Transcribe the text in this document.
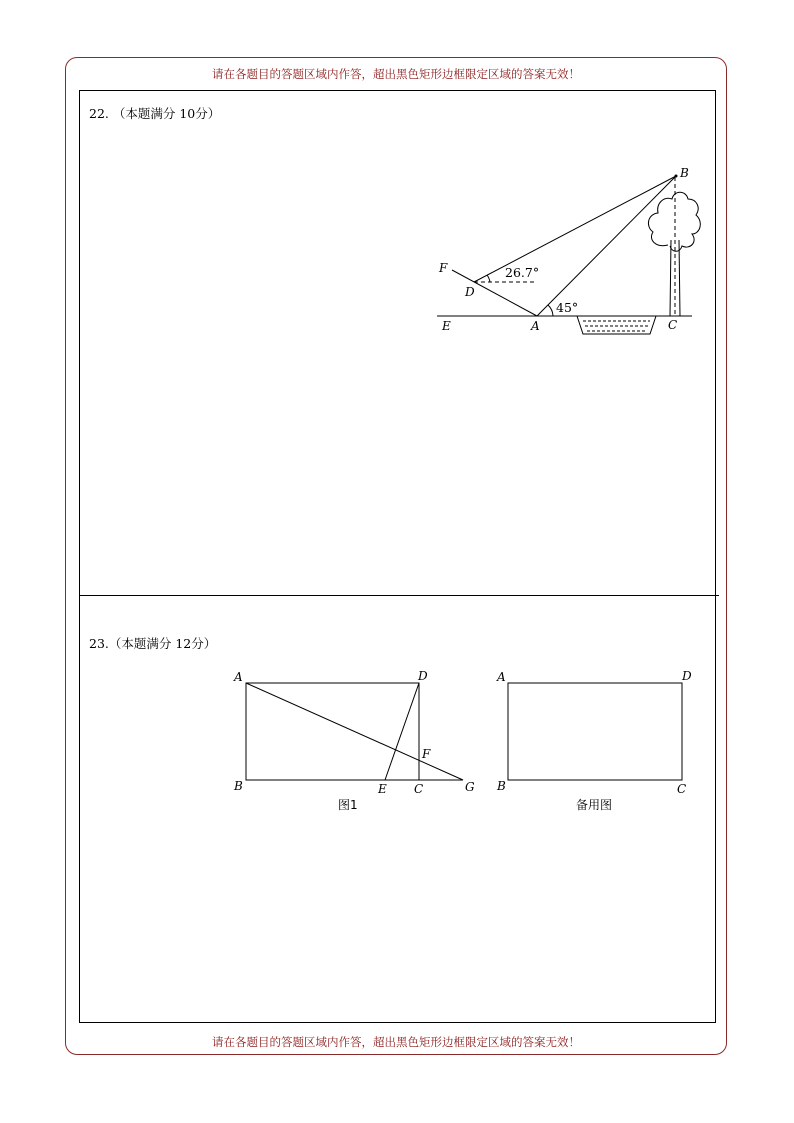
请在各题目的答题区域内作答，超出黑色矩形边框限定区域的答案无效！
请在各题目的答题区域内作答，超出黑色矩形边框限定区域的答案无效！
22. （本题满分 10分）
23.（本题满分 12分）
B
F
D
E	A	C
26.7°
45°
A	D
F
B	E C	G
图1
A	D
B	C
备用图
